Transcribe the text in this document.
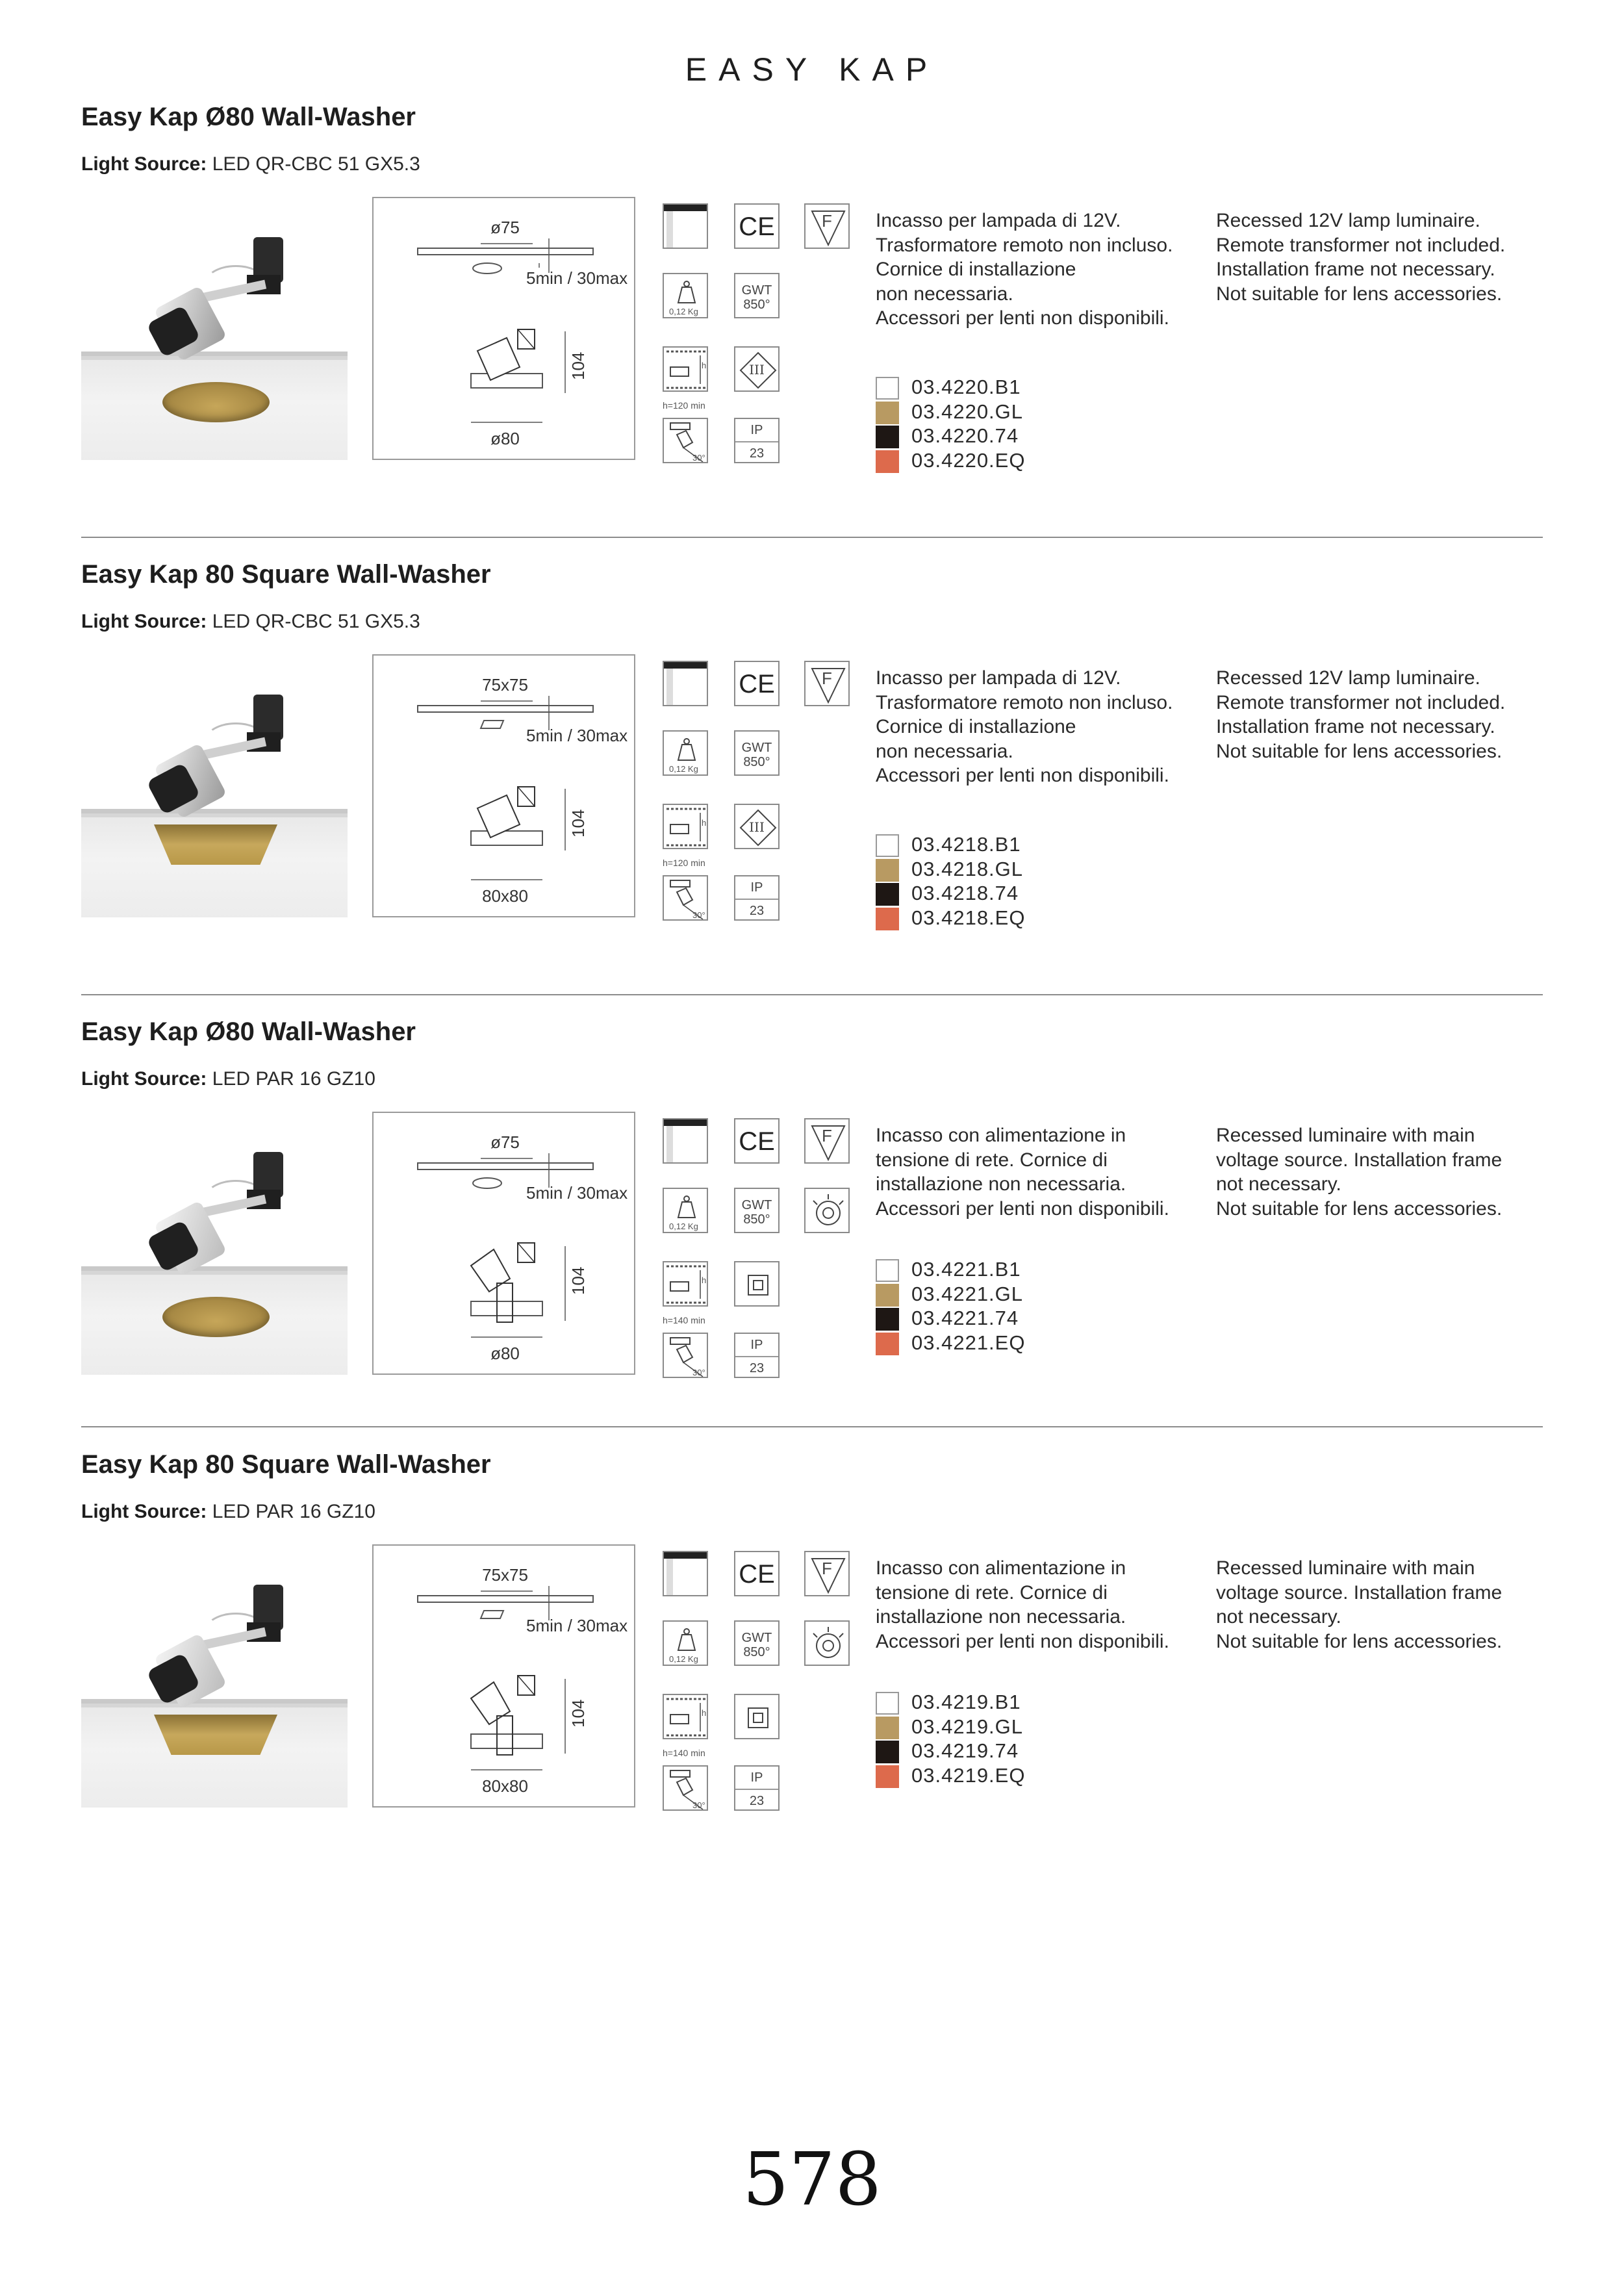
EASY KAP
Easy Kap Ø80 Wall-Washer
Light Source: LED QR-CBC 51 GX5.3
ø75
5min / 30max
104
ø80
0,12 Kg
h
h=120 min
30°
CE
GWT
850°
III
IP
23
F	Incasso per lampada di 12V.
Trasformatore remoto non incluso.
Cornice di installazione
non necessaria.
Accessori per lenti non disponibili.
Recessed 12V lamp luminaire.
Remote transformer not included.
Installation frame not necessary.
Not suitable for lens accessories.
03.4220.B1
03.4220.GL
03.4220.74
03.4220.EQ
Easy Kap 80 Square Wall-Washer
Light Source: LED QR-CBC 51 GX5.3
75x75
5min / 30max
104
80x80
0,12 Kg
h
h=120 min
30°
CE
GWT
850°
III
IP
23
F	Incasso per lampada di 12V.
Trasformatore remoto non incluso.
Cornice di installazione
non necessaria.
Accessori per lenti non disponibili.
Recessed 12V lamp luminaire.
Remote transformer not included.
Installation frame not necessary.
Not suitable for lens accessories.
03.4218.B1
03.4218.GL
03.4218.74
03.4218.EQ
Easy Kap Ø80 Wall-Washer
Light Source: LED PAR 16 GZ10
ø75
5min / 30max
104
ø80
0,12 Kg
h
h=140 min
30°
CE
GWT
850°
IP
23
F	Incasso con alimentazione in
tensione di rete. Cornice di
installazione non necessaria.
Accessori per lenti non disponibili.
Recessed luminaire with main
voltage source. Installation frame
not necessary.
Not suitable for lens accessories.
03.4221.B1
03.4221.GL
03.4221.74
03.4221.EQ
Easy Kap 80 Square Wall-Washer
Light Source: LED PAR 16 GZ10
75x75
5min / 30max
104
80x80
0,12 Kg
h
h=140 min
30°
CE
GWT
850°
IP
23
F	Incasso con alimentazione in
tensione di rete. Cornice di
installazione non necessaria.
Accessori per lenti non disponibili.
Recessed luminaire with main
voltage source. Installation frame
not necessary.
Not suitable for lens accessories.
03.4219.B1
03.4219.GL
03.4219.74
03.4219.EQ
578
